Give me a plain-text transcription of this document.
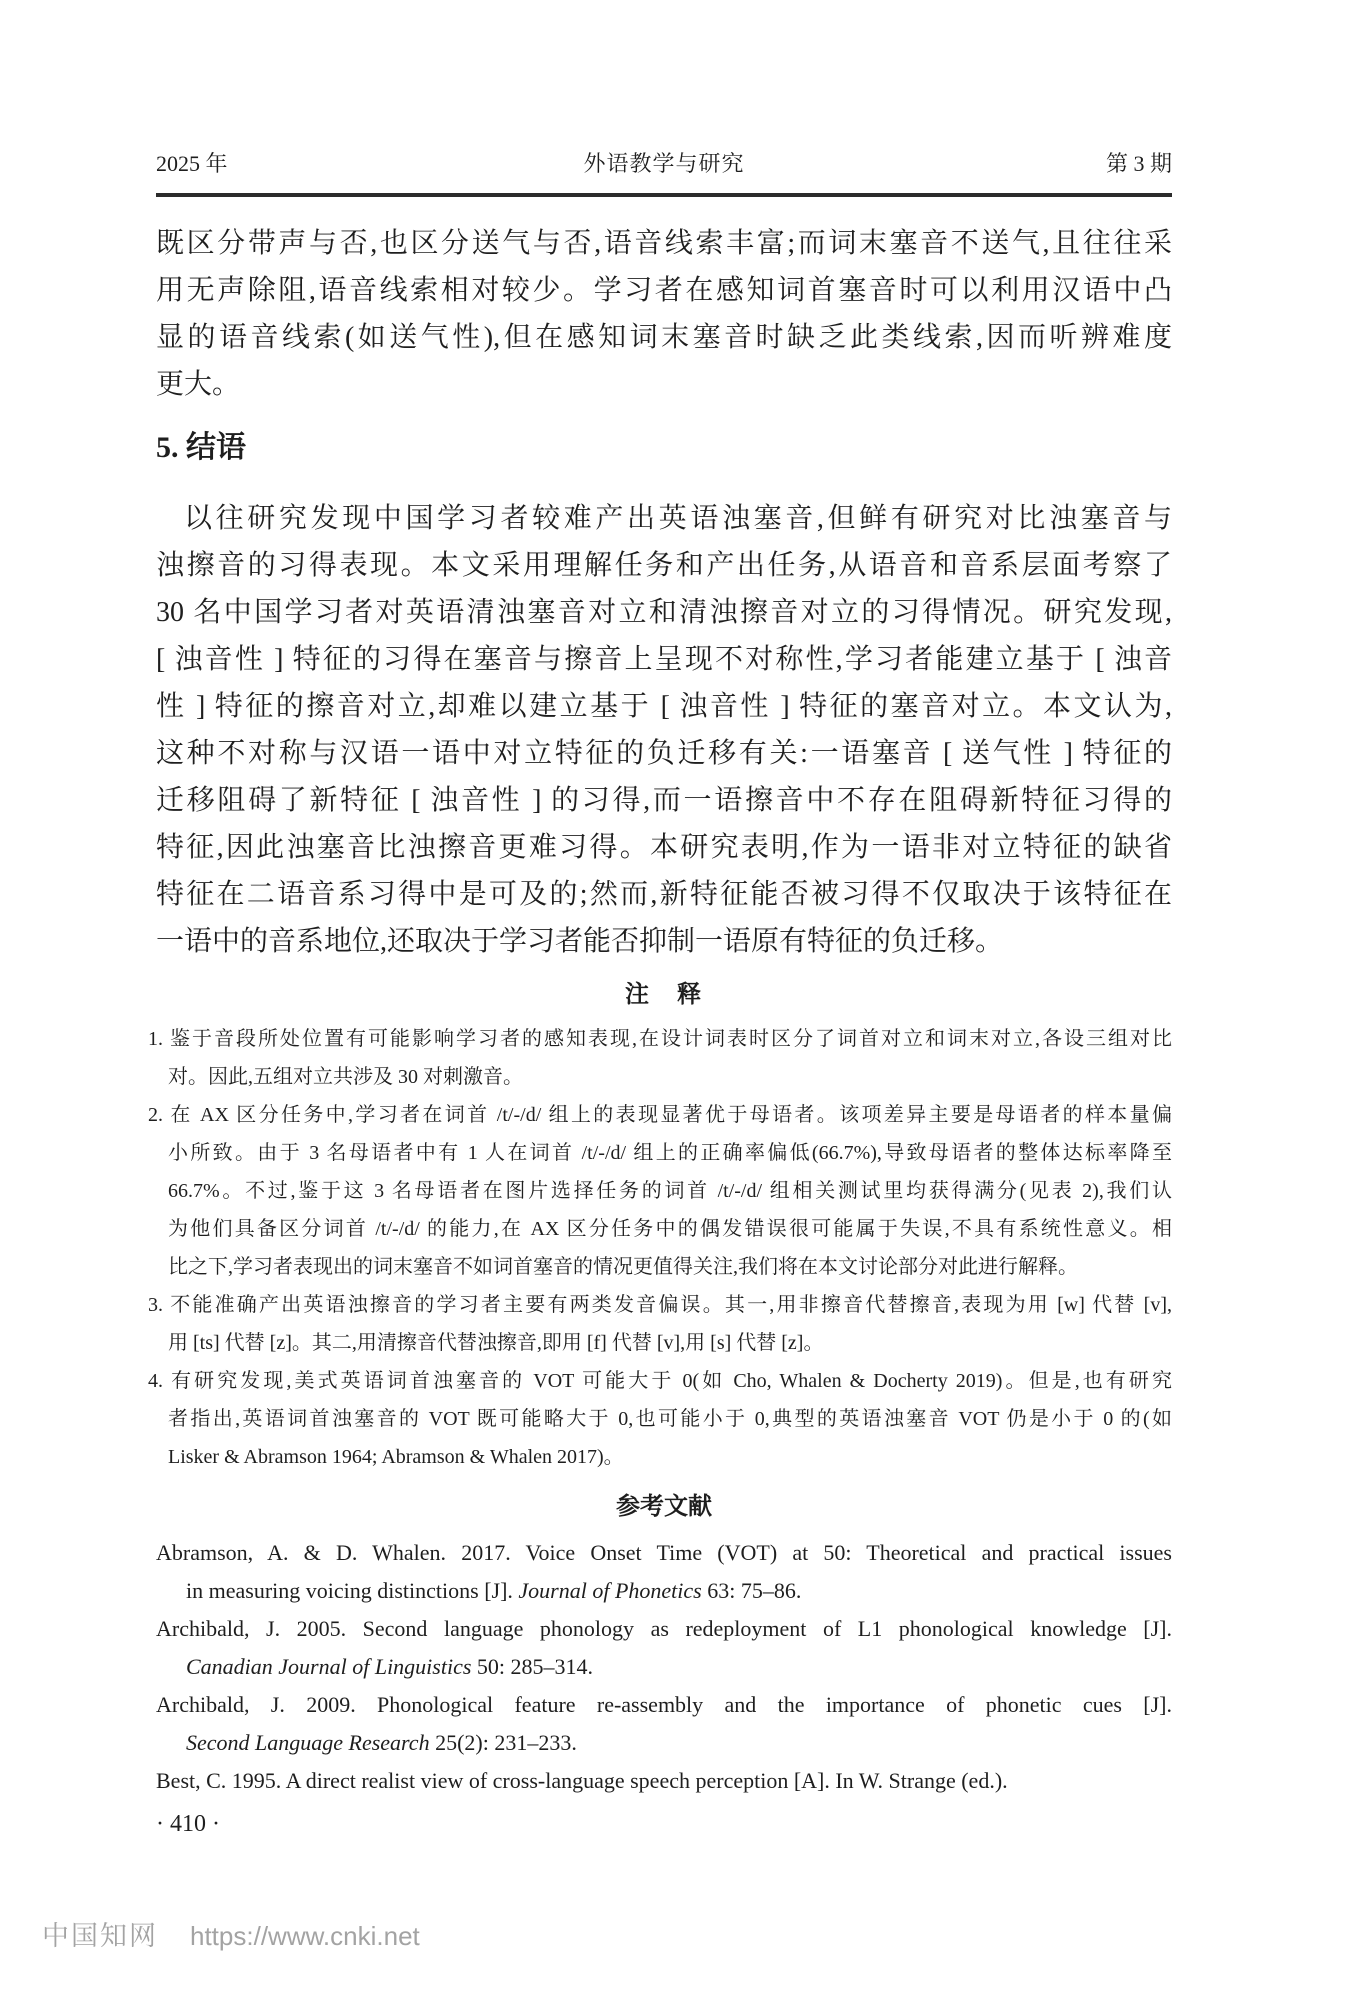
2025 年	外语教学与研究	第 3 期
既区分带声与否,也区分送气与否,语音线索丰富;而词末塞音不送气,且往往采
用无声除阻,语音线索相对较少。学习者在感知词首塞音时可以利用汉语中凸
显的语音线索(如送气性),但在感知词末塞音时缺乏此类线索,因而听辨难度
更大。
5. 结语
以往研究发现中国学习者较难产出英语浊塞音,但鲜有研究对比浊塞音与
浊擦音的习得表现。本文采用理解任务和产出任务,从语音和音系层面考察了
30 名中国学习者对英语清浊塞音对立和清浊擦音对立的习得情况。研究发现,
[ 浊音性 ] 特征的习得在塞音与擦音上呈现不对称性,学习者能建立基于 [ 浊音
性 ] 特征的擦音对立,却难以建立基于 [ 浊音性 ] 特征的塞音对立。本文认为,
这种不对称与汉语一语中对立特征的负迁移有关:一语塞音 [ 送气性 ] 特征的
迁移阻碍了新特征 [ 浊音性 ] 的习得,而一语擦音中不存在阻碍新特征习得的
特征,因此浊塞音比浊擦音更难习得。本研究表明,作为一语非对立特征的缺省
特征在二语音系习得中是可及的;然而,新特征能否被习得不仅取决于该特征在
一语中的音系地位,还取决于学习者能否抑制一语原有特征的负迁移。
注　释
1. 鉴于音段所处位置有可能影响学习者的感知表现,在设计词表时区分了词首对立和词末对立,各设三组对比
对。因此,五组对立共涉及 30 对刺激音。
2. 在 AX 区分任务中,学习者在词首 /t/-/d/ 组上的表现显著优于母语者。该项差异主要是母语者的样本量偏
小所致。由于 3 名母语者中有 1 人在词首 /t/-/d/ 组上的正确率偏低(66.7%),导致母语者的整体达标率降至
66.7%。不过,鉴于这 3 名母语者在图片选择任务的词首 /t/-/d/ 组相关测试里均获得满分(见表 2),我们认
为他们具备区分词首 /t/-/d/ 的能力,在 AX 区分任务中的偶发错误很可能属于失误,不具有系统性意义。相
比之下,学习者表现出的词末塞音不如词首塞音的情况更值得关注,我们将在本文讨论部分对此进行解释。
3. 不能准确产出英语浊擦音的学习者主要有两类发音偏误。其一,用非擦音代替擦音,表现为用 [w] 代替 [v],
用 [ts] 代替 [z]。其二,用清擦音代替浊擦音,即用 [f] 代替 [v],用 [s] 代替 [z]。
4. 有研究发现,美式英语词首浊塞音的 VOT 可能大于 0(如 Cho, Whalen & Docherty 2019)。但是,也有研究
者指出,英语词首浊塞音的 VOT 既可能略大于 0,也可能小于 0,典型的英语浊塞音 VOT 仍是小于 0 的(如
Lisker & Abramson 1964; Abramson & Whalen 2017)。
参考文献
Abramson, A. & D. Whalen. 2017. Voice Onset Time (VOT) at 50: Theoretical and practical issues
in measuring voicing distinctions [J]. Journal of Phonetics 63: 75–86.
Archibald, J. 2005. Second language phonology as redeployment of L1 phonological knowledge [J].
Canadian Journal of Linguistics 50: 285–314.
Archibald, J. 2009. Phonological feature re-assembly and the importance of phonetic cues [J].
Second Language Research 25(2): 231–233.
Best, C. 1995. A direct realist view of cross-language speech perception [A]. In W. Strange (ed.).
· 410 ·
中国知网 https://www.cnki.net
